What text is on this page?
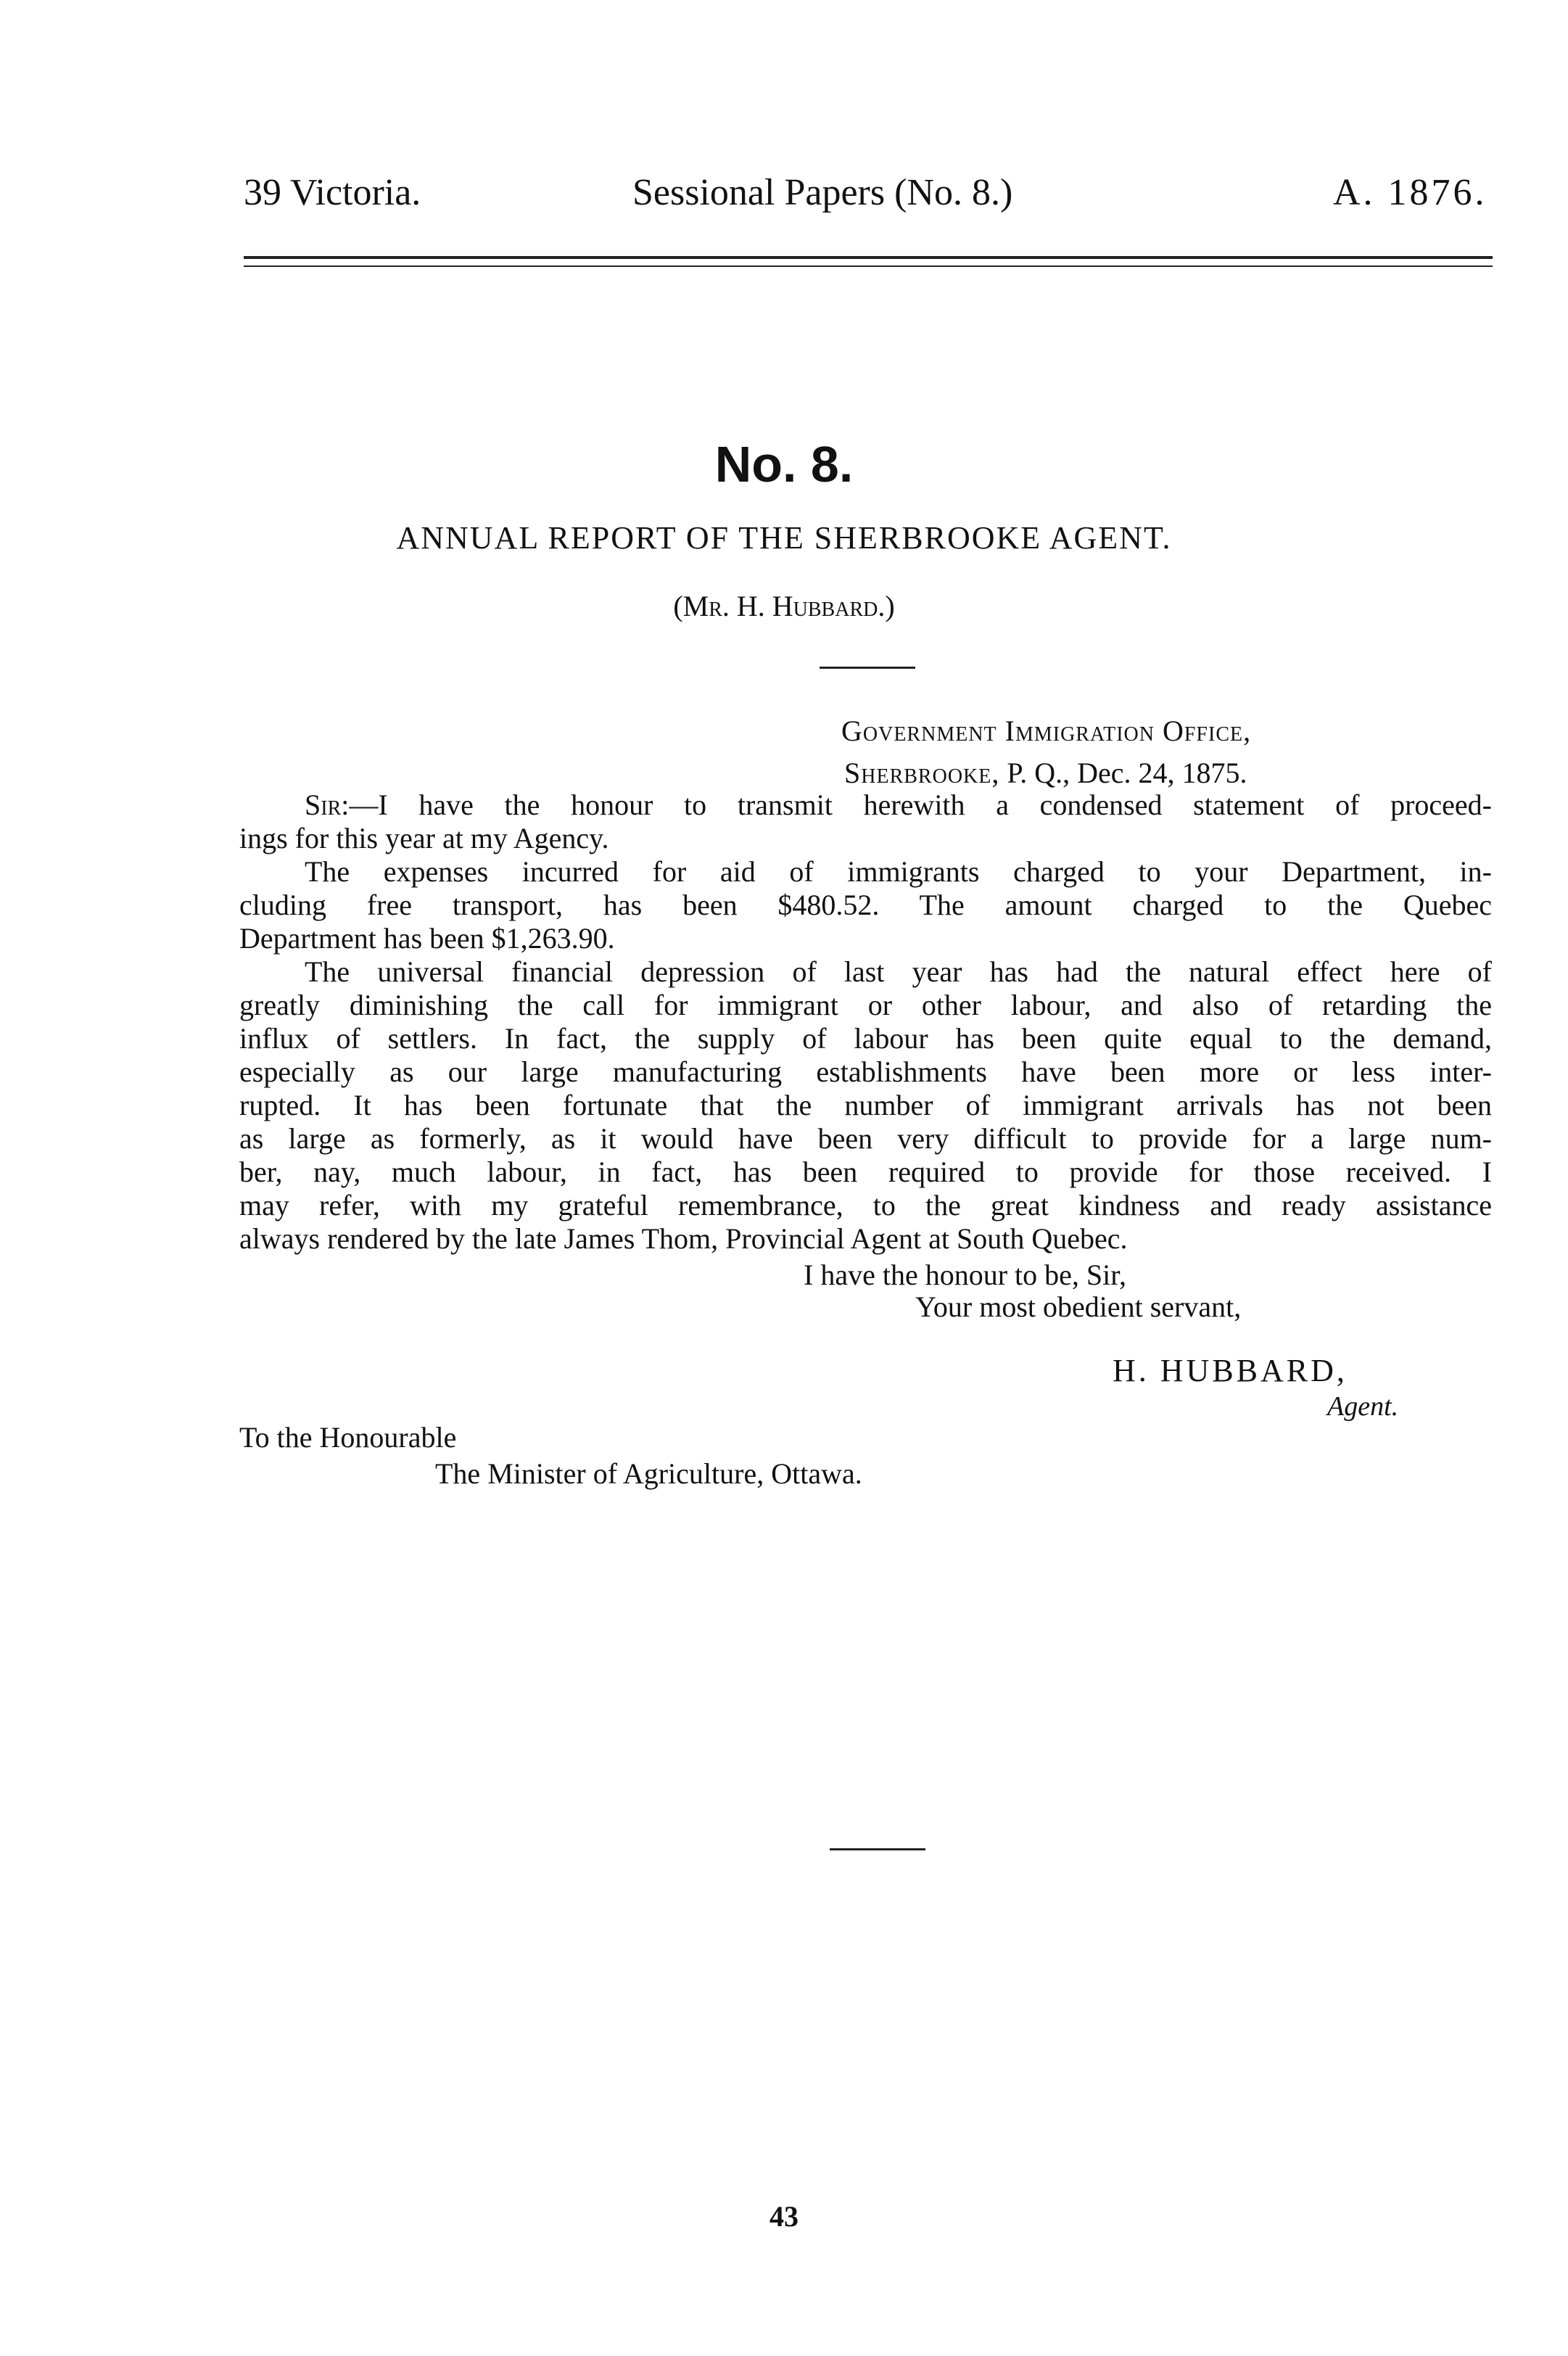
39 Victoria.	Sessional Papers (No. 8.)	A. 1876.
No. 8.
ANNUAL REPORT OF THE SHERBROOKE AGENT.
(Mr. H. Hubbard.)
Government Immigration Office,
Sherbrooke, P. Q., Dec. 24, 1875.
Sir:—I have the honour to transmit herewith a condensed statement of proceed-
ings for this year at my Agency.
The expenses incurred for aid of immigrants charged to your Department, in-
cluding free transport, has been $480.52. The amount charged to the Quebec
Department has been $1,263.90.
The universal financial depression of last year has had the natural effect here of
greatly diminishing the call for immigrant or other labour, and also of retarding the
influx of settlers. In fact, the supply of labour has been quite equal to the demand,
especially as our large manufacturing establishments have been more or less inter-
rupted. It has been fortunate that the number of immigrant arrivals has not been
as large as formerly, as it would have been very difficult to provide for a large num-
ber, nay, much labour, in fact, has been required to provide for those received. I
may refer, with my grateful remembrance, to the great kindness and ready assistance
always rendered by the late James Thom, Provincial Agent at South Quebec.
I have the honour to be, Sir,
Your most obedient servant,
H. HUBBARD,
Agent.
To the Honourable
The Minister of Agriculture, Ottawa.
43
